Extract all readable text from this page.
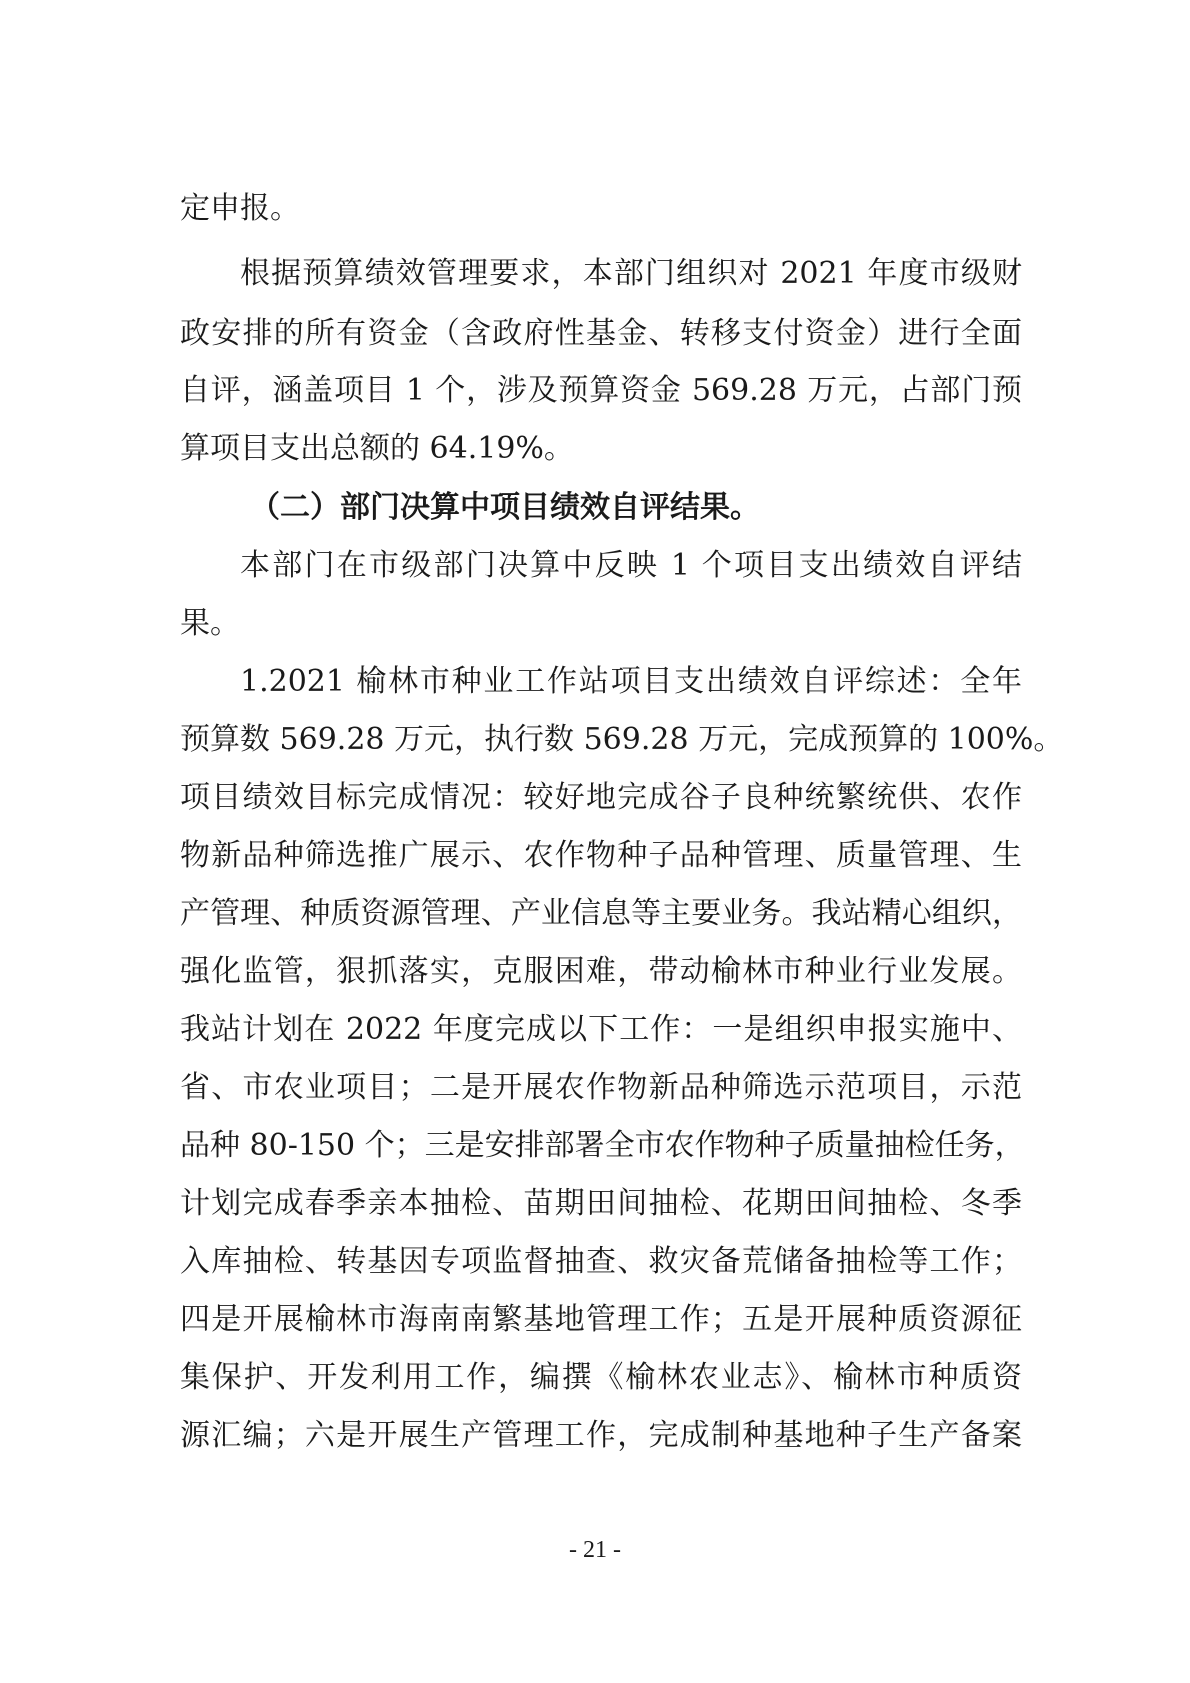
定申报。
根据预算绩效管理要求，本部门组织对 2021 年度市级财
政安排的所有资金（含政府性基金、转移支付资金）进行全面
自评，涵盖项目 1 个，涉及预算资金 569.28 万元，占部门预
算项目支出总额的 64.19%。
（二）部门决算中项目绩效自评结果。
本部门在市级部门决算中反映 1 个项目支出绩效自评结
果。
1.2021 榆林市种业工作站项目支出绩效自评综述：全年
预算数 569.28 万元，执行数 569.28 万元，完成预算的 100%。
项目绩效目标完成情况：较好地完成谷子良种统繁统供、农作
物新品种筛选推广展示、农作物种子品种管理、质量管理、生
产管理、种质资源管理、产业信息等主要业务。我站精心组织，
强化监管，狠抓落实，克服困难，带动榆林市种业行业发展。
我站计划在 2022 年度完成以下工作：一是组织申报实施中、
省、市农业项目；二是开展农作物新品种筛选示范项目，示范
品种 80-150 个；三是安排部署全市农作物种子质量抽检任务，
计划完成春季亲本抽检、苗期田间抽检、花期田间抽检、冬季
入库抽检、转基因专项监督抽查、救灾备荒储备抽检等工作；
四是开展榆林市海南南繁基地管理工作；五是开展种质资源征
集保护、开发利用工作，编撰《榆林农业志》、榆林市种质资
源汇编；六是开展生产管理工作，完成制种基地种子生产备案
- 21 -
